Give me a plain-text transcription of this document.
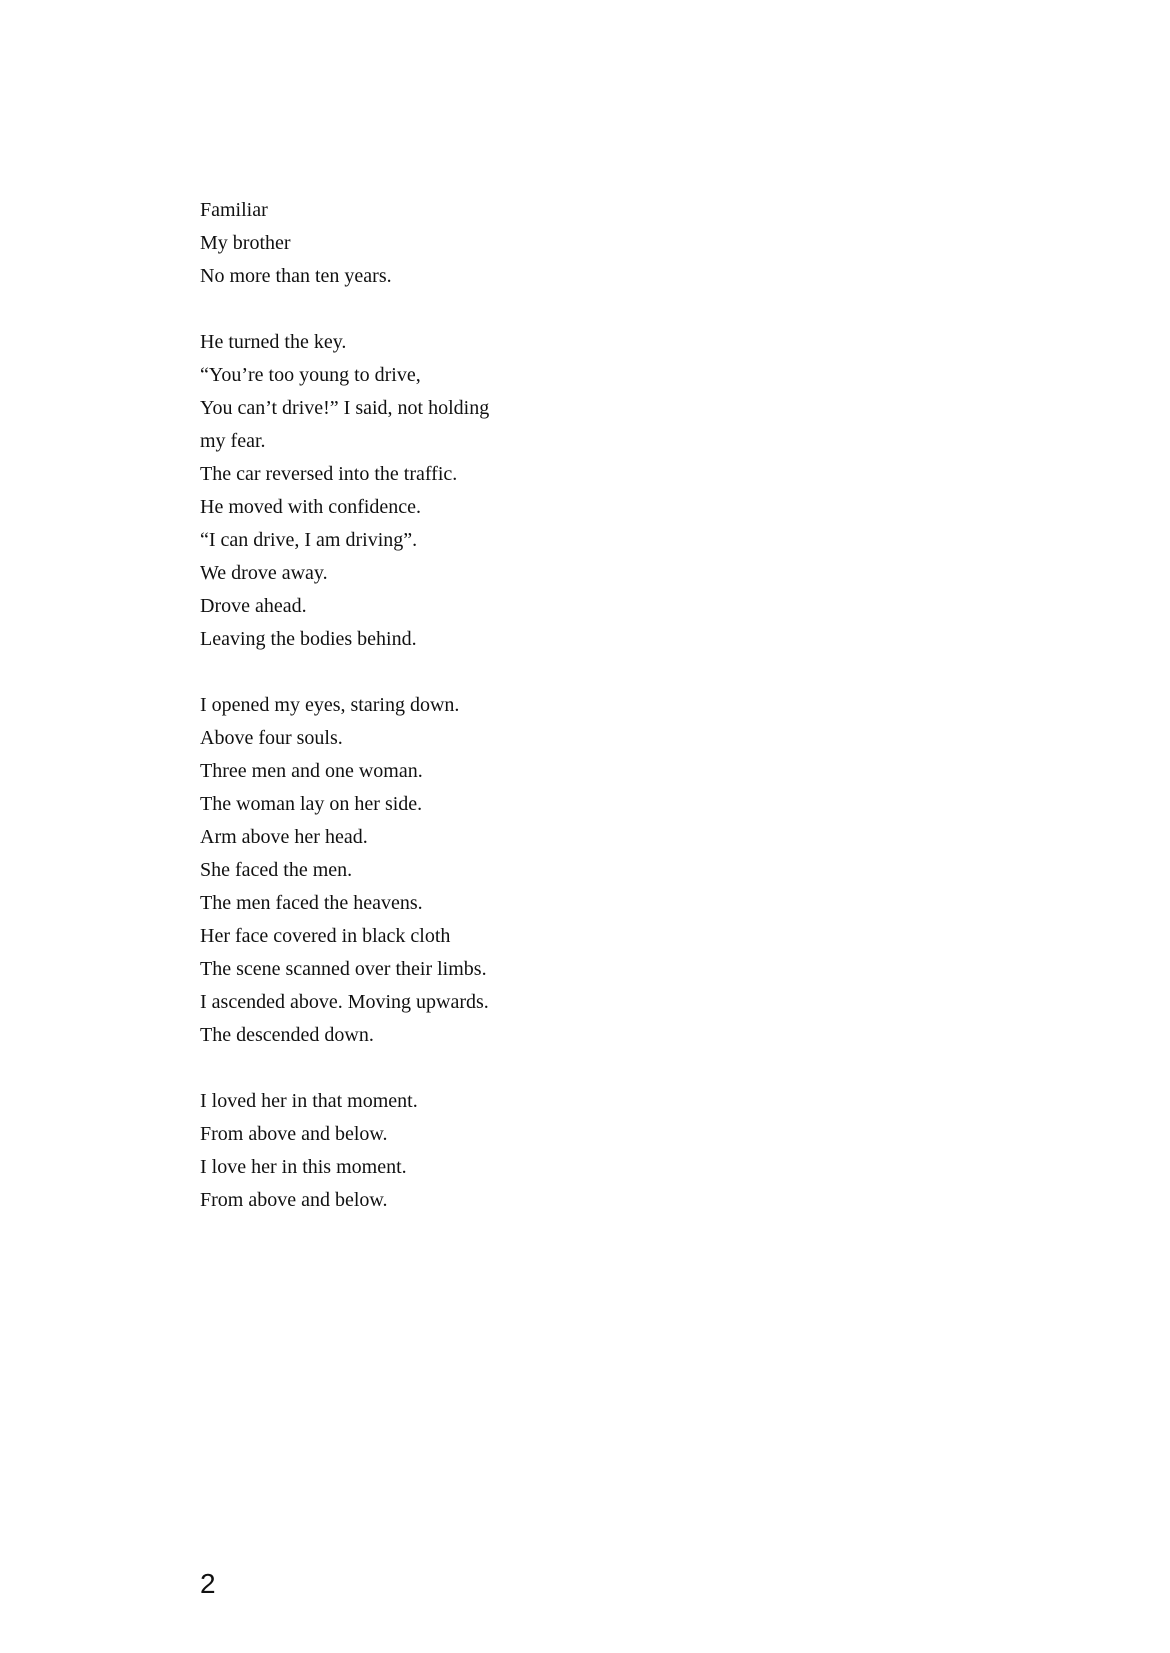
Familiar
My brother
No more than ten years.
He turned the key.
“You’re too young to drive,
You can’t drive!” I said, not holding
my fear.
The car reversed into the traffic.
He moved with confidence.
“I can drive, I am driving”.
We drove away.
Drove ahead.
Leaving the bodies behind.
I opened my eyes, staring down.
Above four souls.
Three men and one woman.
The woman lay on her side.
Arm above her head.
She faced the men.
The men faced the heavens.
Her face covered in black cloth
The scene scanned over their limbs.
I ascended above. Moving upwards.
The descended down.
I loved her in that moment.
From above and below.
I love her in this moment.
From above and below.
2
